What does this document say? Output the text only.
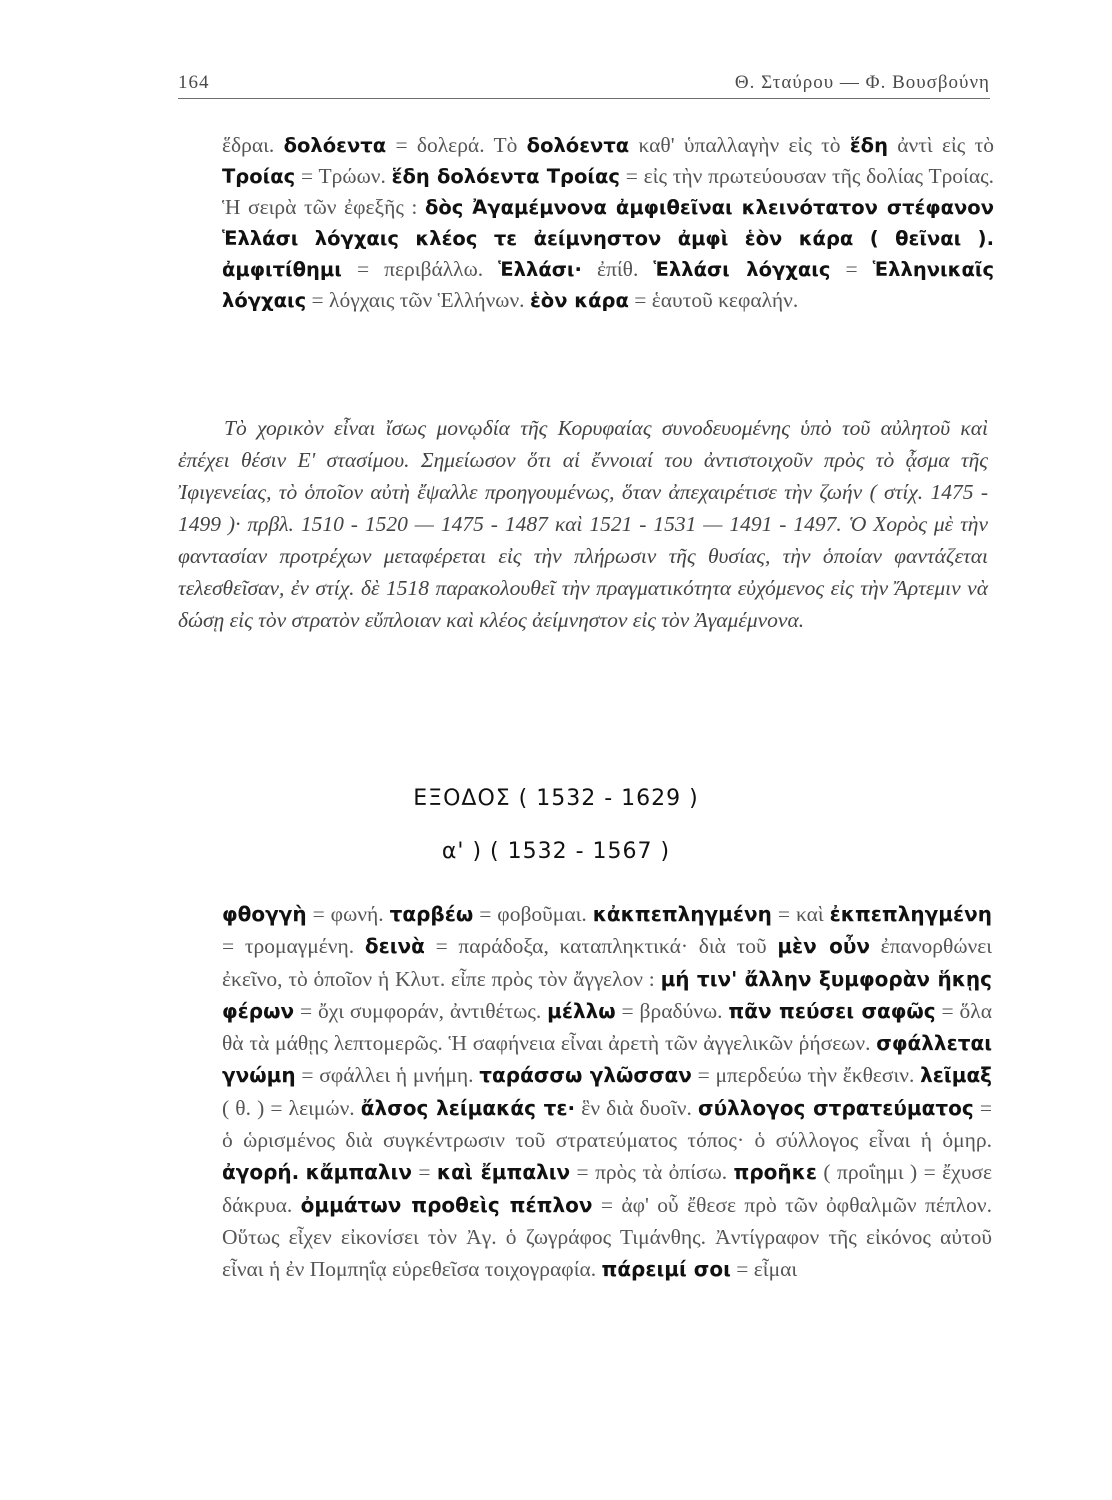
164	Θ. Σταύρου — Φ. Βουσβούνη

ἕδραι. δολόεντα = δολερά. Τὸ δολόεντα καθ' ὑπαλλαγὴν εἰς τὸ ἕδη ἀντὶ εἰς τὸ Τροίας = Τρώων. ἕδη δολόεντα Τροίας = εἰς τὴν πρωτεύουσαν τῆς δολίας Τροίας. Ἡ σειρὰ τῶν ἐφεξῆς : δὸς Ἀγαμέμνονα ἀμφιθεῖναι κλεινότατον στέφανον Ἑλλάσι λόγχαις κλέος τε ἀείμνηστον ἀμφὶ ἑὸν κάρα ( θεῖναι ). ἀμφιτίθημι = περιβάλλω. Ἑλλάσι· ἐπίθ. Ἑλλάσι λόγχαις = Ἑλληνικαῖς λόγχαις = λόγχαις τῶν Ἑλλήνων. ἑὸν κάρα = ἑαυτοῦ κεφαλήν.

Τὸ χορικὸν εἶναι ἴσως μονῳδία τῆς Κορυφαίας συνοδευομένης ὑπὸ τοῦ αὐλητοῦ καὶ ἐπέχει θέσιν Ε' στασίμου. Σημείωσον ὅτι αἱ ἔννοιαί του ἀντιστοιχοῦν πρὸς τὸ ᾆσμα τῆς Ἰφιγενείας, τὸ ὁποῖον αὐτὴ ἔψαλλε προηγουμένως, ὅταν ἀπεχαιρέτισε τὴν ζωήν ( στίχ. 1475 - 1499 )· πρβλ. 1510 - 1520 — 1475 - 1487 καὶ 1521 - 1531 — 1491 - 1497. Ὁ Χορὸς μὲ τὴν φαντασίαν προτρέχων μεταφέρεται εἰς τὴν πλήρωσιν τῆς θυσίας, τὴν ὁποίαν φαντάζεται τελεσθεῖσαν, ἐν στίχ. δὲ 1518 παρακολουθεῖ τὴν πραγματικότητα εὐχόμενος εἰς τὴν Ἄρτεμιν νὰ δώσῃ εἰς τὸν στρατὸν εὔπλοιαν καὶ κλέος ἀείμνηστον εἰς τὸν Ἀγαμέμνονα.

ΕΞΟΔΟΣ ( 1532 - 1629 )
α' ) ( 1532 - 1567 )

φθογγὴ = φωνή. ταρβέω = φοβοῦμαι. κἀκπεπληγμένη = καὶ ἐκπεπληγμένη = τρομαγμένη. δεινὰ = παράδοξα, καταπληκτικά· διὰ τοῦ μὲν οὖν ἐπανορθώνει ἐκεῖνο, τὸ ὁποῖον ἡ Κλυτ. εἶπε πρὸς τὸν ἄγγελον : μή τιν' ἄλλην ξυμφορὰν ἥκῃς φέρων = ὄχι συμφοράν, ἀντιθέτως. μέλλω = βραδύνω. πᾶν πεύσει σαφῶς = ὅλα θὰ τὰ μάθῃς λεπτομερῶς. Ἡ σαφήνεια εἶναι ἀρετὴ τῶν ἀγγελικῶν ῥήσεων. σφάλλεται γνώμη = σφάλλει ἡ μνήμη. ταράσσω γλῶσσαν = μπερδεύω τὴν ἔκθεσιν. λεῖμαξ ( θ. ) = λειμών. ἄλσος λείμακάς τε· ἓν διὰ δυοῖν. σύλλογος στρατεύματος = ὁ ὡρισμένος διὰ συγκέντρωσιν τοῦ στρατεύματος τόπος· ὁ σύλλογος εἶναι ἡ ὁμηρ. ἀγορή. κἄμπαλιν = καὶ ἔμπαλιν = πρὸς τὰ ὀπίσω. προῆκε ( προΐημι ) = ἔχυσε δάκρυα. ὀμμάτων προθεὶς πέπλον = ἀφ' οὗ ἔθεσε πρὸ τῶν ὀφθαλμῶν πέπλον. Οὕτως εἶχεν εἰκονίσει τὸν Ἀγ. ὁ ζωγράφος Τιμάνθης. Ἀντίγραφον τῆς εἰκόνος αὐτοῦ εἶναι ἡ ἐν Πομπηΐᾳ εὑρεθεῖσα τοιχογραφία. πάρειμί σοι = εἶμαι
